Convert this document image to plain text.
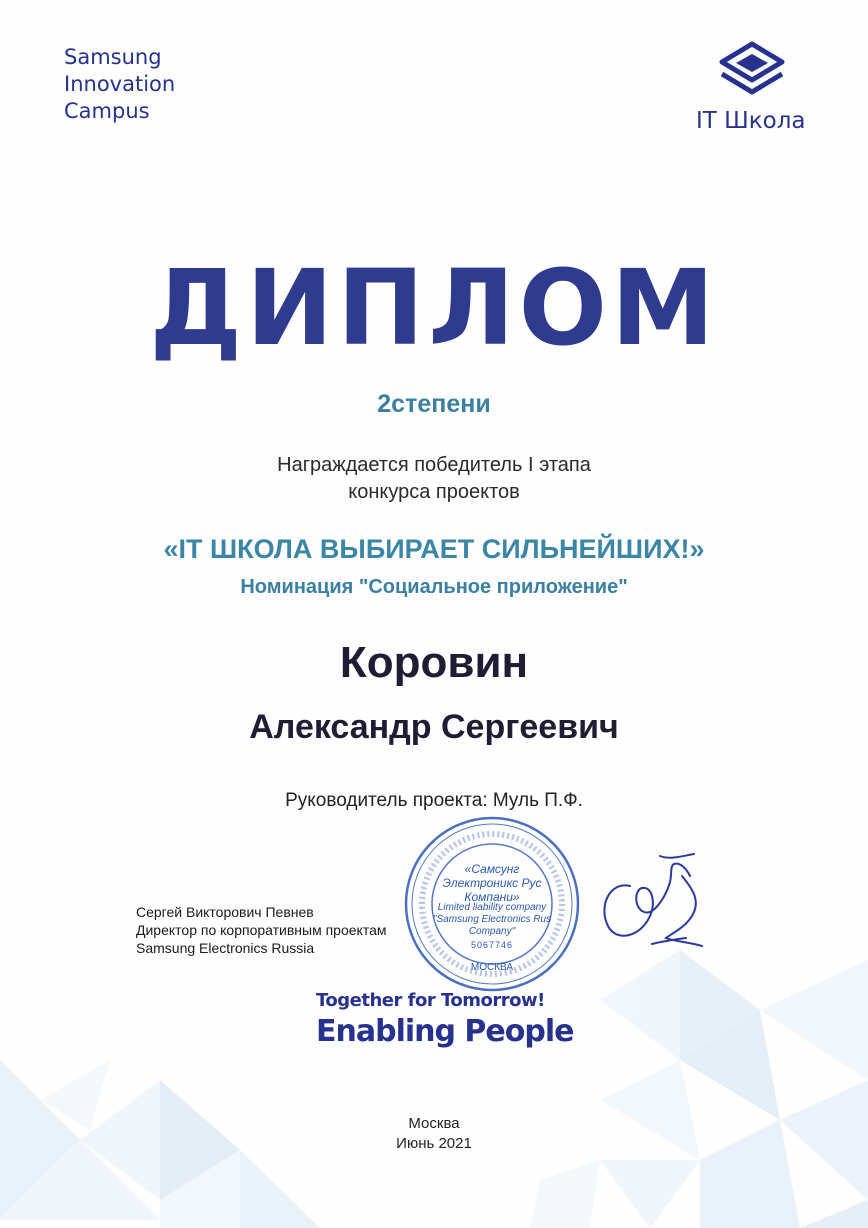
Samsung
Innovation
Campus	IT Школа
ДИПЛОМ
2степени
Награждается победитель I этапа
конкурса проектов
«IT ШКОЛА ВЫБИРАЕТ СИЛЬНЕЙШИХ!»
Номинация "Социальное приложение"
Коровин
Александр Сергеевич
Руководитель проекта: Муль П.Ф.
Сергей Викторович Певнев
Директор по корпоративным проектам
Samsung Electronics Russia
«Самсунг
Электроникс Рус
Компани»
Limited liability company
"Samsung Electronics Rus
Company"
МОСКВА
5067746
Together for Tomorrow!
Enabling People
Москва
Июнь 2021
